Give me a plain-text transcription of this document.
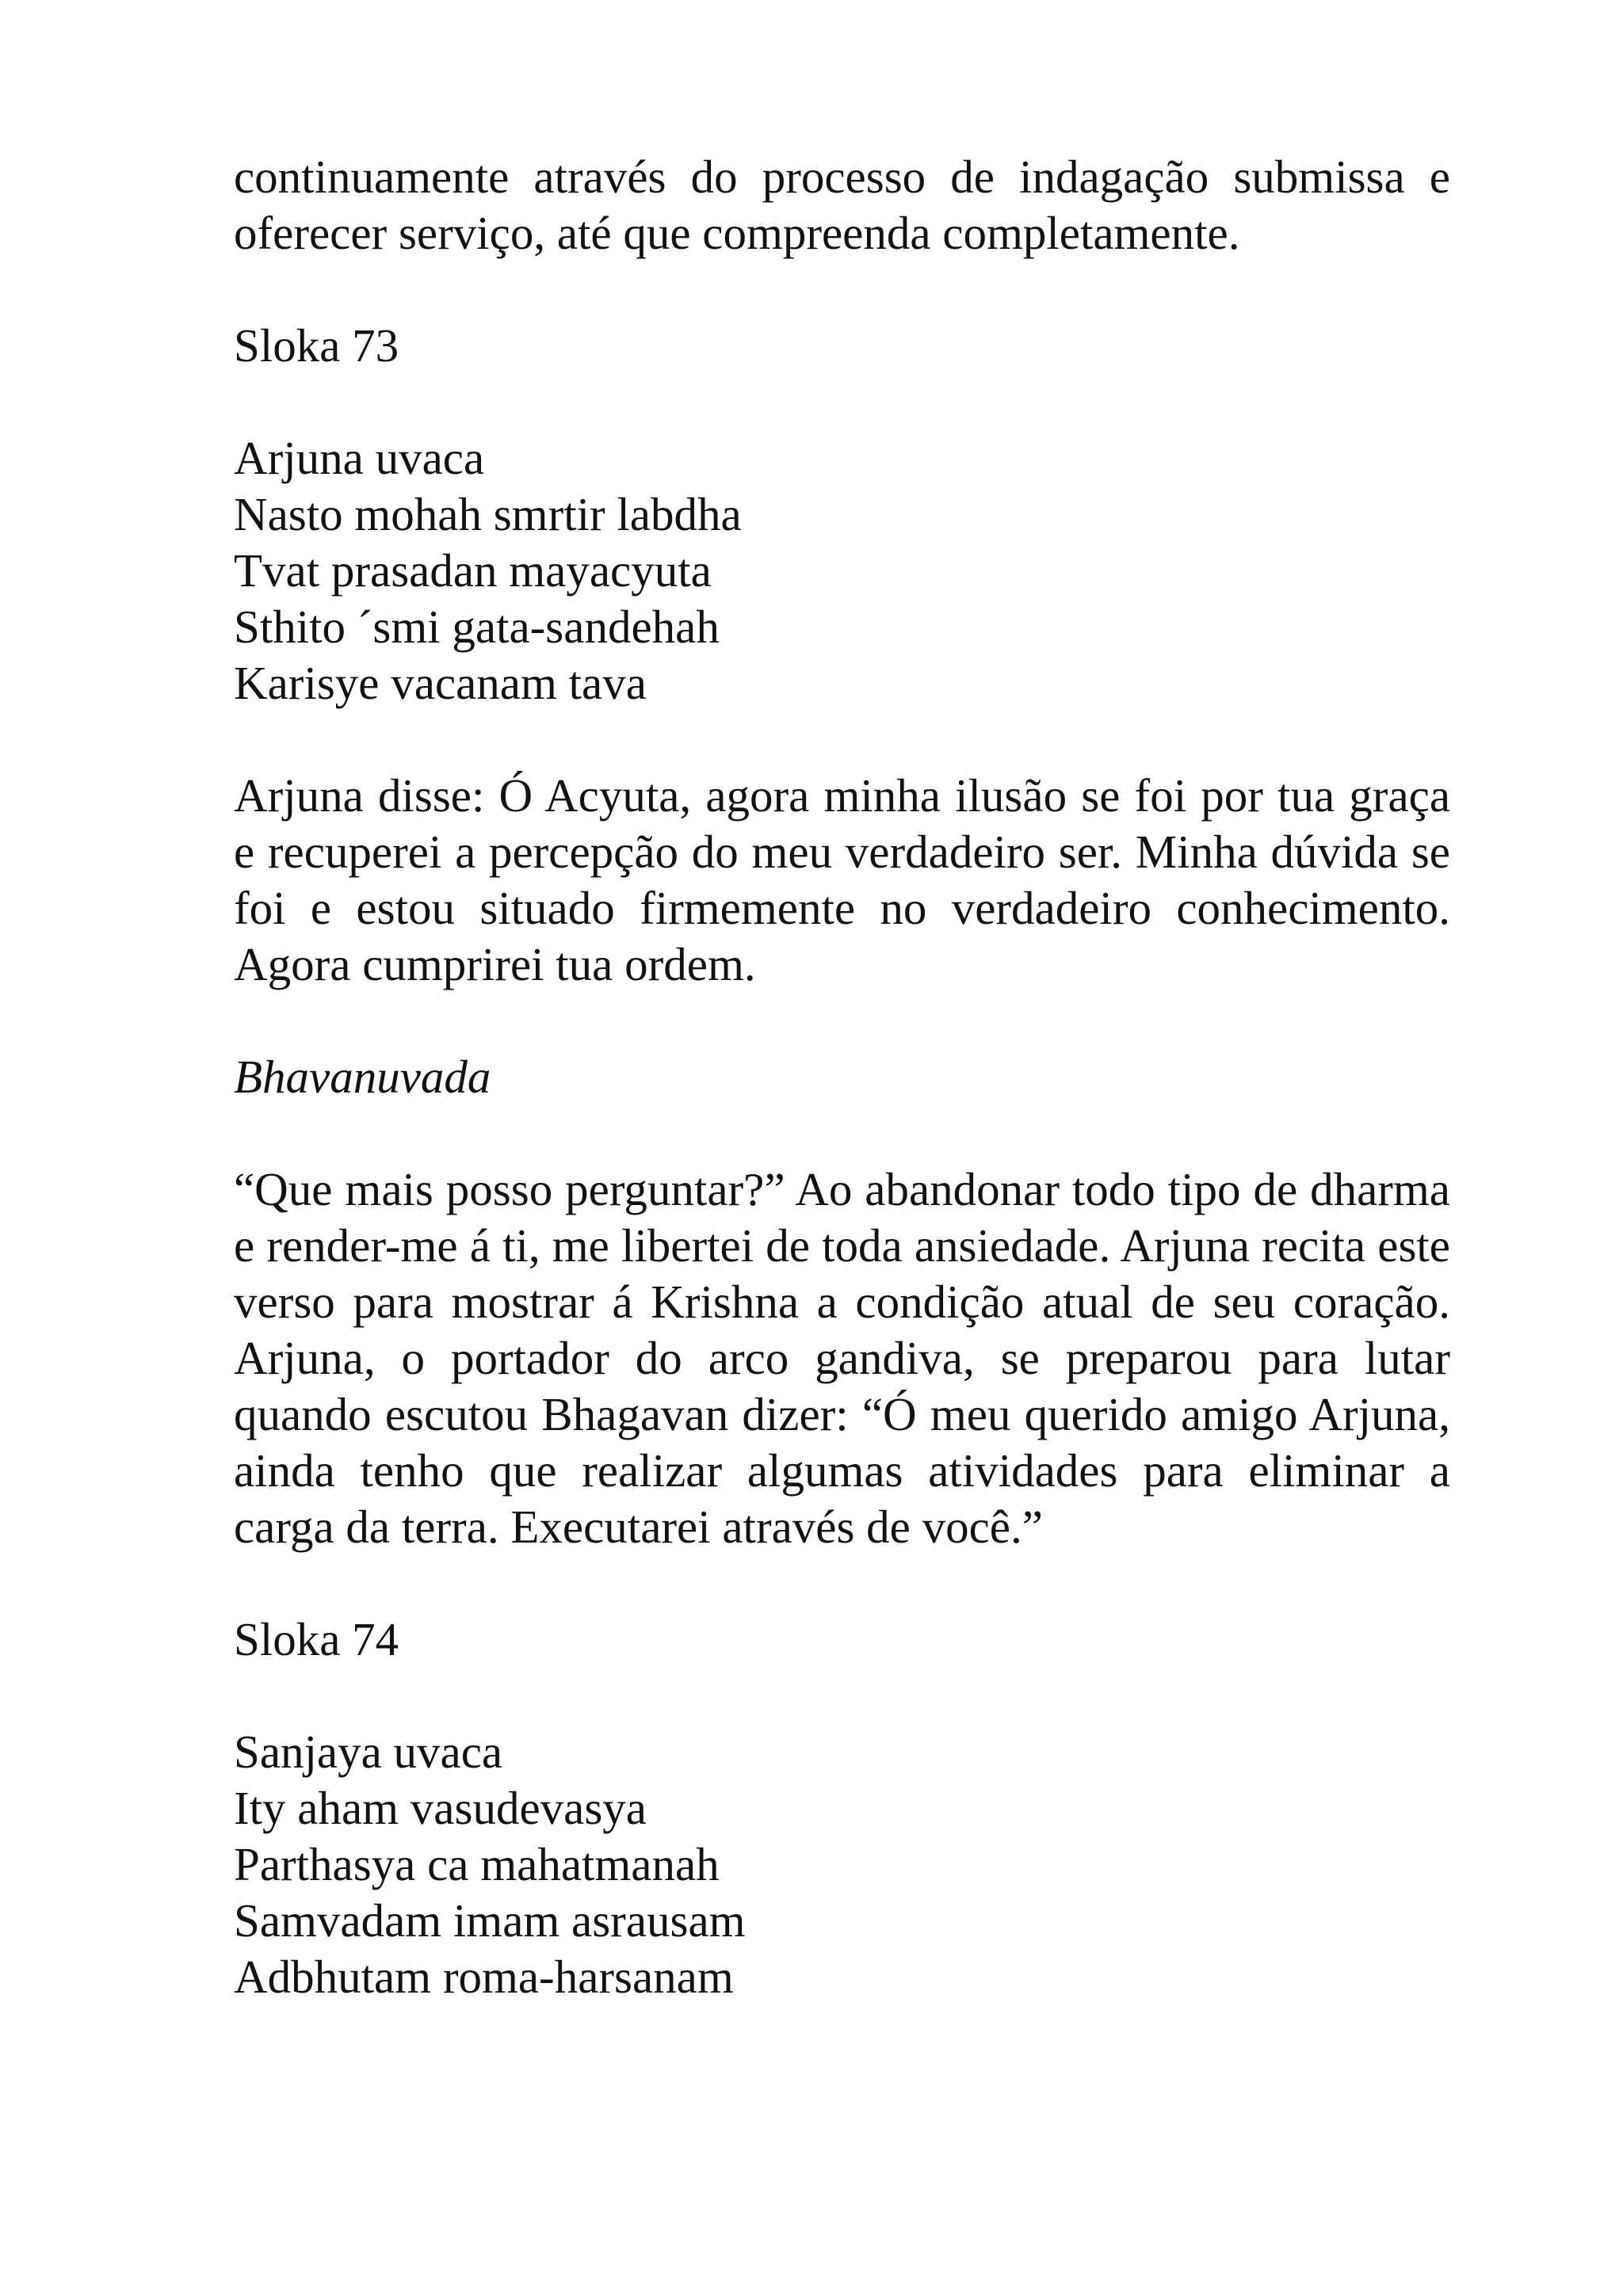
continuamente através do processo de indagação submissa e oferecer serviço, até que compreenda completamente.

Sloka 73

Arjuna uvaca
Nasto mohah smrtir labdha
Tvat prasadan mayacyuta
Sthito ´smi gata-sandehah
Karisye vacanam tava

Arjuna disse: Ó Acyuta, agora minha ilusão se foi por tua graça e recuperei a percepção do meu verdadeiro ser. Minha dúvida se foi e estou situado firmemente no verdadeiro conhecimento. Agora cumprirei tua ordem.

Bhavanuvada

“Que mais posso perguntar?” Ao abandonar todo tipo de dharma e render-me á ti, me libertei de toda ansiedade. Arjuna recita este verso para mostrar á Krishna a condição atual de seu coração. Arjuna, o portador do arco gandiva, se preparou para lutar quando escutou Bhagavan dizer: “Ó meu querido amigo Arjuna, ainda tenho que realizar algumas atividades para eliminar a carga da terra. Executarei através de você.”

Sloka 74

Sanjaya uvaca
Ity aham vasudevasya
Parthasya ca mahatmanah
Samvadam imam asrausam
Adbhutam roma-harsanam
